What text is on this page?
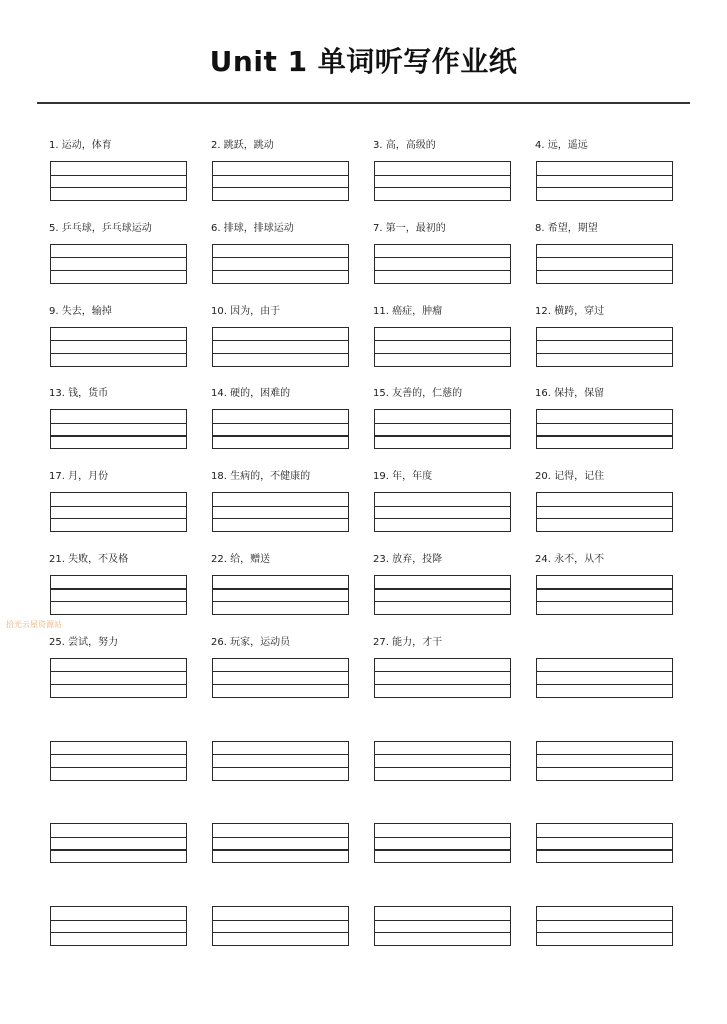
Unit 1 单词听写作业纸
拾光云屋资源站
1. 运动，体育	2. 跳跃，跳动	3. 高，高级的	4. 远，遥远
5. 乒乓球，乒乓球运动	6. 排球，排球运动	7. 第一，最初的	8. 希望，期望
9. 失去，输掉	10. 因为，由于	11. 癌症，肿瘤	12. 横跨，穿过
13. 钱，货币	14. 硬的，困难的	15. 友善的，仁慈的	16. 保持，保留
17. 月，月份	18. 生病的，不健康的	19. 年，年度	20. 记得，记住
21. 失败，不及格	22. 给，赠送	23. 放弃，投降	24. 永不，从不
25. 尝试，努力	26. 玩家，运动员	27. 能力，才干
